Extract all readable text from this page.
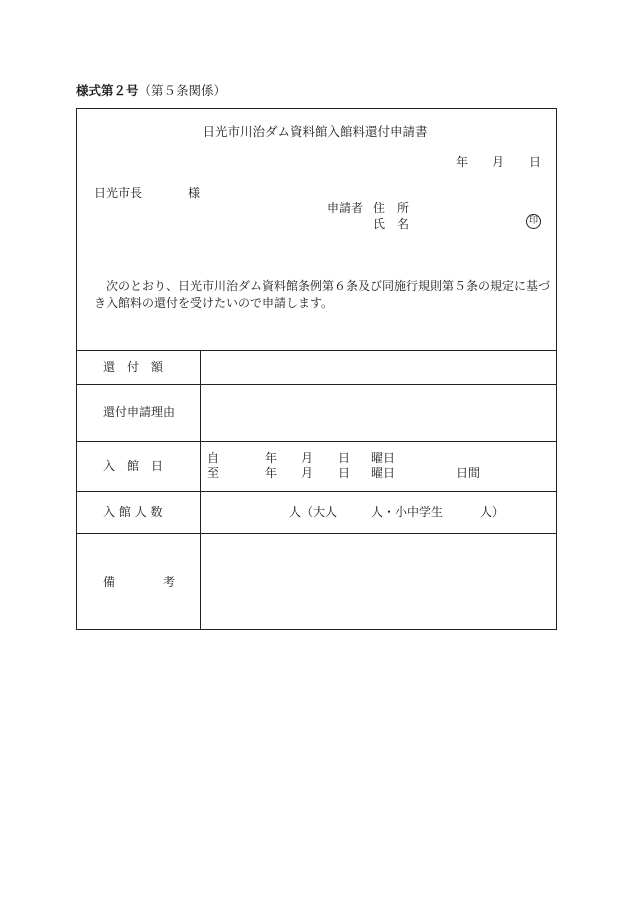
様式第２号（第５条関係）
日光市川治ダム資料館入館料還付申請書
年 月 日
日光市長	様
申請者 住　所
氏　名	印

次のとおり、日光市川治ダム資料館条例第６条及び同施行規則第５条の規定に基づき入館料の還付を受けたいので申請します。

還　付　額
還付申請理由
入　館　日
自	年 月 日 曜日
至	年 月 日 曜日	日間
入 館 人 数	人 （大人	人・小中学生	人）
備　　　　考
